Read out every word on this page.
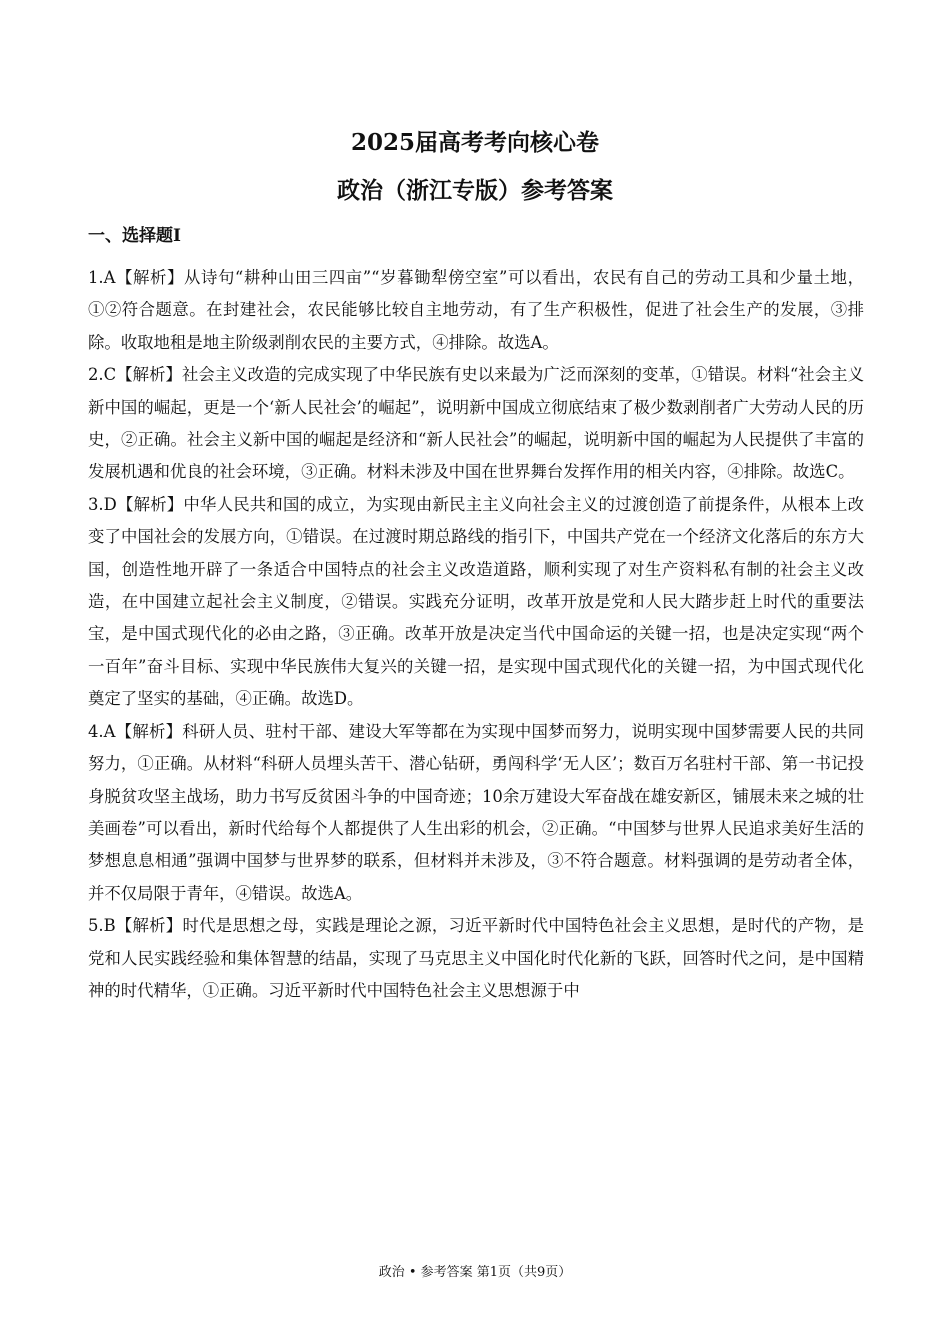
2025届高考考向核心卷
政治（浙江专版）参考答案
一、选择题Ⅰ

1.A【解析】从诗句“耕种山田三四亩”“岁暮锄犁傍空室”可以看出，农民有自己的劳动工具和少量土地，①②符合题意。在封建社会，农民能够比较自主地劳动，有了生产积极性，促进了社会生产的发展，③排除。收取地租是地主阶级剥削农民的主要方式，④排除。故选A。

2.C【解析】社会主义改造的完成实现了中华民族有史以来最为广泛而深刻的变革，①错误。材料“社会主义新中国的崛起，更是一个‘新人民社会’的崛起”，说明新中国成立彻底结束了极少数剥削者广大劳动人民的历史，②正确。社会主义新中国的崛起是经济和“新人民社会”的崛起，说明新中国的崛起为人民提供了丰富的发展机遇和优良的社会环境，③正确。材料未涉及中国在世界舞台发挥作用的相关内容，④排除。故选C。

3.D【解析】中华人民共和国的成立，为实现由新民主主义向社会主义的过渡创造了前提条件，从根本上改变了中国社会的发展方向，①错误。在过渡时期总路线的指引下，中国共产党在一个经济文化落后的东方大国，创造性地开辟了一条适合中国特点的社会主义改造道路，顺利实现了对生产资料私有制的社会主义改造，在中国建立起社会主义制度，②错误。实践充分证明，改革开放是党和人民大踏步赶上时代的重要法宝，是中国式现代化的必由之路，③正确。改革开放是决定当代中国命运的关键一招，也是决定实现“两个一百年”奋斗目标、实现中华民族伟大复兴的关键一招，是实现中国式现代化的关键一招，为中国式现代化奠定了坚实的基础，④正确。故选D。

4.A【解析】科研人员、驻村干部、建设大军等都在为实现中国梦而努力，说明实现中国梦需要人民的共同努力，①正确。从材料“科研人员埋头苦干、潜心钻研，勇闯科学‘无人区’；数百万名驻村干部、第一书记投身脱贫攻坚主战场，助力书写反贫困斗争的中国奇迹；10余万建设大军奋战在雄安新区，铺展未来之城的壮美画卷”可以看出，新时代给每个人都提供了人生出彩的机会，②正确。“中国梦与世界人民追求美好生活的梦想息息相通”强调中国梦与世界梦的联系，但材料并未涉及，③不符合题意。材料强调的是劳动者全体，并不仅局限于青年，④错误。故选A。

5.B【解析】时代是思想之母，实践是理论之源，习近平新时代中国特色社会主义思想，是时代的产物，是党和人民实践经验和集体智慧的结晶，实现了马克思主义中国化时代化新的飞跃，回答时代之问，是中国精神的时代精华，①正确。习近平新时代中国特色社会主义思想源于中

政治 • 参考答案 第1页（共9页）
